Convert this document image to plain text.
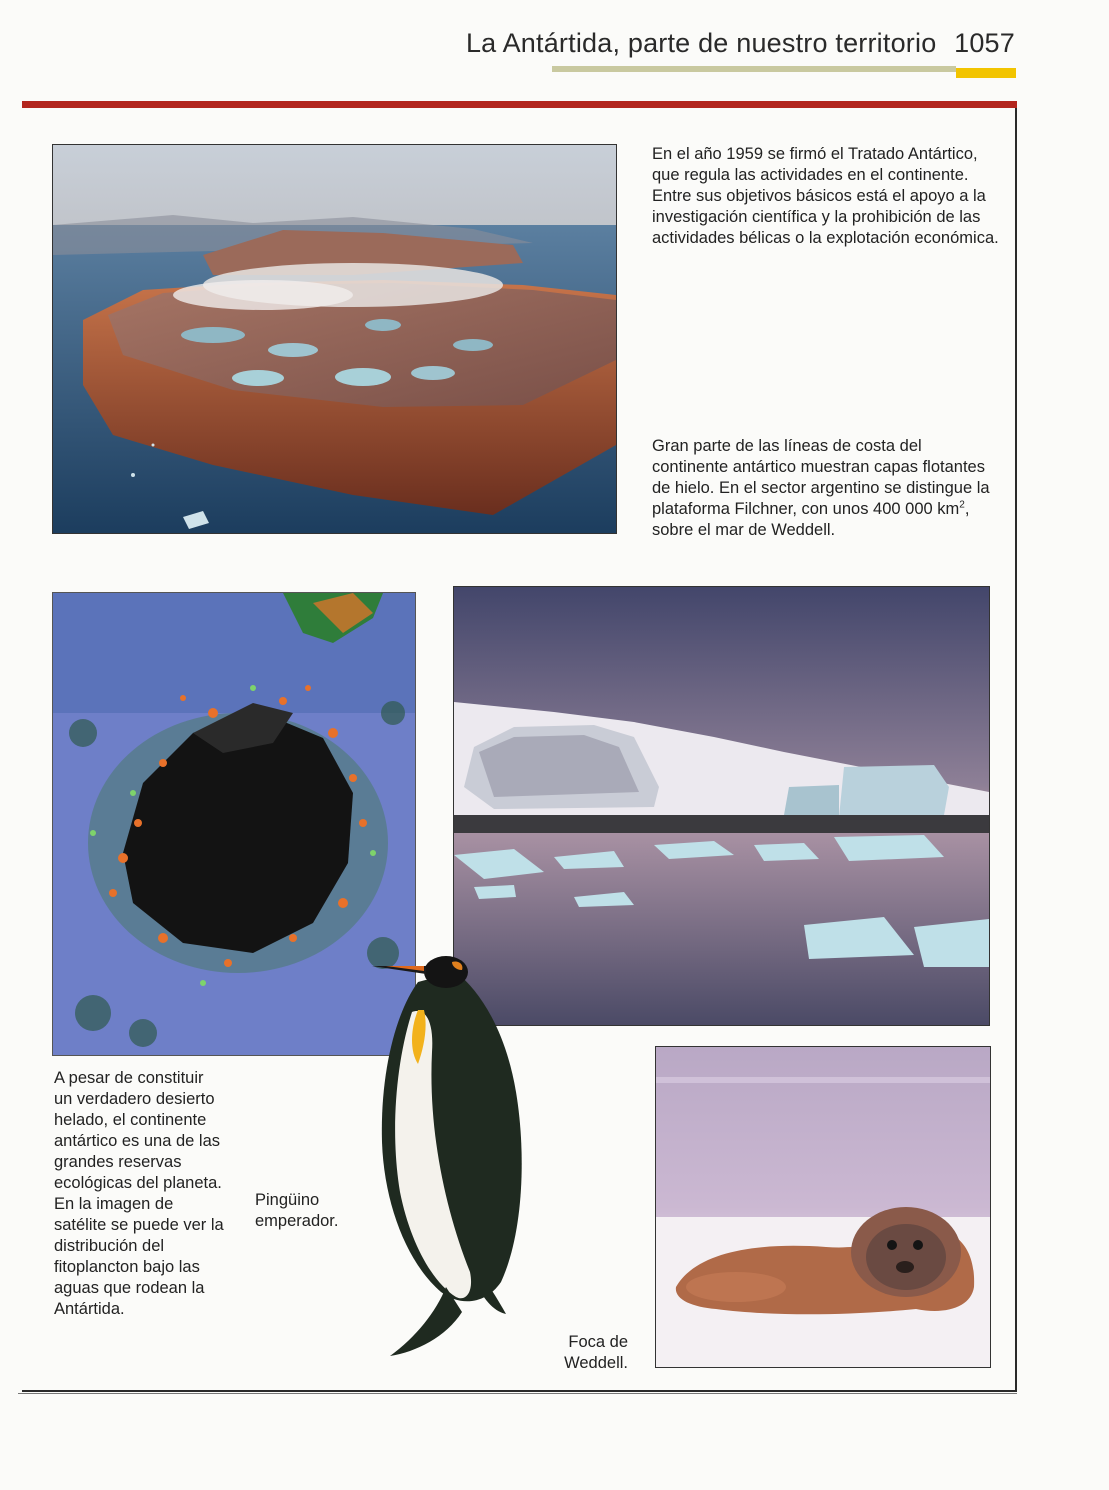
La Antártida, parte de nuestro territorio 1057

En el año 1959 se firmó el Tratado Antártico, que regula las actividades en el continente. Entre sus objetivos básicos está el apoyo a la investigación científica y la prohibición de las actividades bélicas o la explotación económica.

Gran parte de las líneas de costa del continente antártico muestran capas flotantes de hielo. En el sector argentino se distingue la plataforma Filchner, con unos 400 000 $km^2$, sobre el mar de Weddell.

A pesar de constituir un verdadero desierto helado, el continente antártico es una de las grandes reservas ecológicas del planeta.
En la imagen de satélite se puede ver la distribución del fitoplancton bajo las aguas que rodean la Antártida.
Pingüino emperador.
Foca de Weddell.
